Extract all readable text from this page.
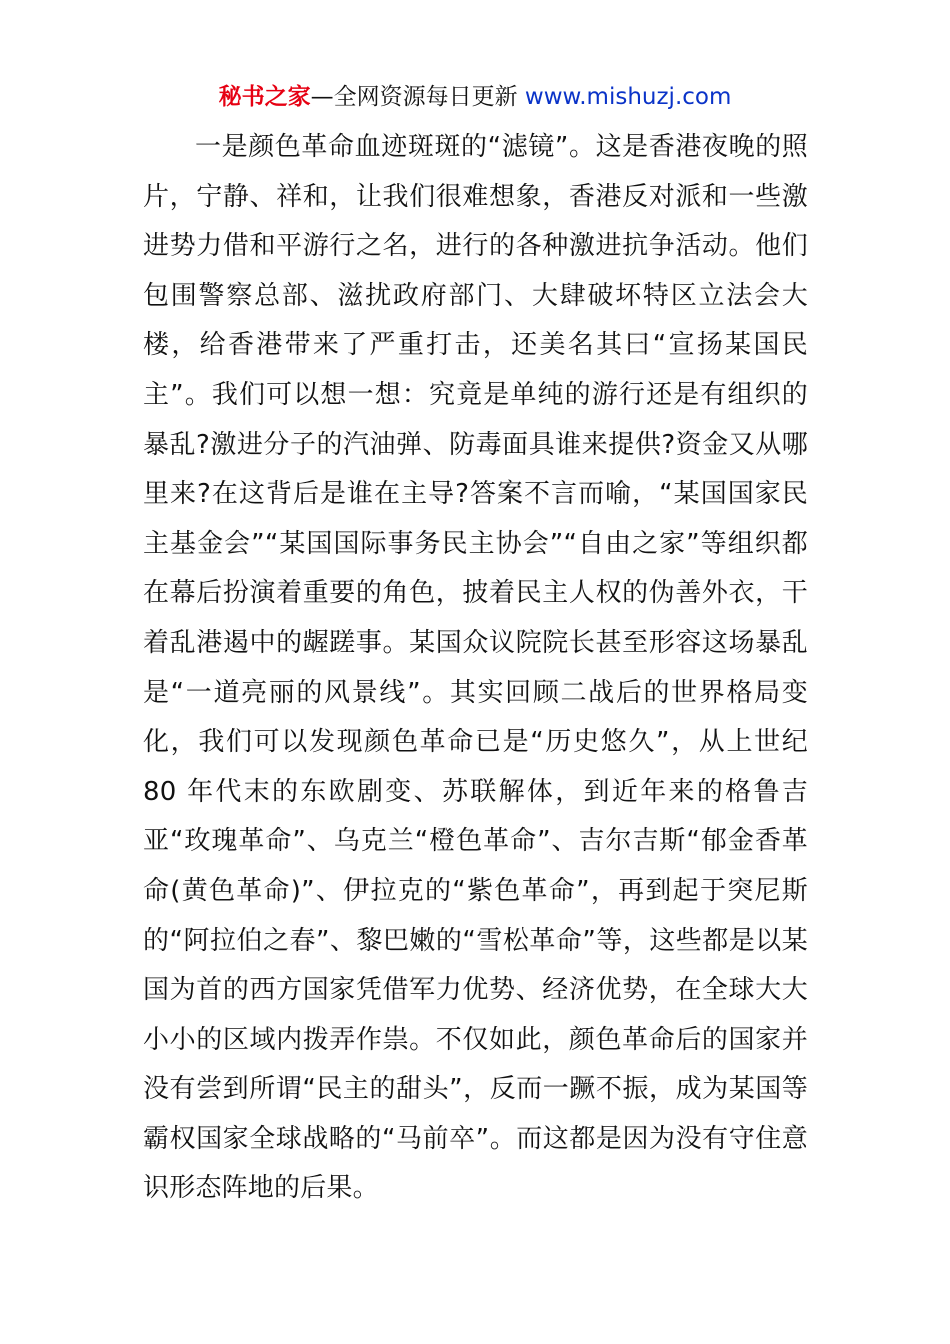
秘书之家—全网资源每日更新 www.mishuzj.com

一是颜色革命血迹斑斑的“滤镜”。这是香港夜晚的照片，宁静、祥和，让我们很难想象，香港反对派和一些激进势力借和平游行之名，进行的各种激进抗争活动。他们包围警察总部、滋扰政府部门、大肆破坏特区立法会大楼，给香港带来了严重打击，还美名其曰“宣扬某国民主”。我们可以想一想：究竟是单纯的游行还是有组织的暴乱?激进分子的汽油弹、防毒面具谁来提供?资金又从哪里来?在这背后是谁在主导?答案不言而喻，“某国国家民主基金会”“某国国际事务民主协会”“自由之家”等组织都在幕后扮演着重要的角色，披着民主人权的伪善外衣，干着乱港遏中的龌蹉事。某国众议院院长甚至形容这场暴乱是“一道亮丽的风景线”。其实回顾二战后的世界格局变化，我们可以发现颜色革命已是“历史悠久”，从上世纪 80 年代末的东欧剧变、苏联解体，到近年来的格鲁吉亚“玫瑰革命”、乌克兰“橙色革命”、吉尔吉斯“郁金香革命(黄色革命)”、伊拉克的“紫色革命”，再到起于突尼斯的“阿拉伯之春”、黎巴嫩的“雪松革命”等，这些都是以某国为首的西方国家凭借军力优势、经济优势，在全球大大小小的区域内拨弄作祟。不仅如此，颜色革命后的国家并没有尝到所谓“民主的甜头”，反而一蹶不振，成为某国等霸权国家全球战略的“马前卒”。而这都是因为没有守住意识形态阵地的后果。
